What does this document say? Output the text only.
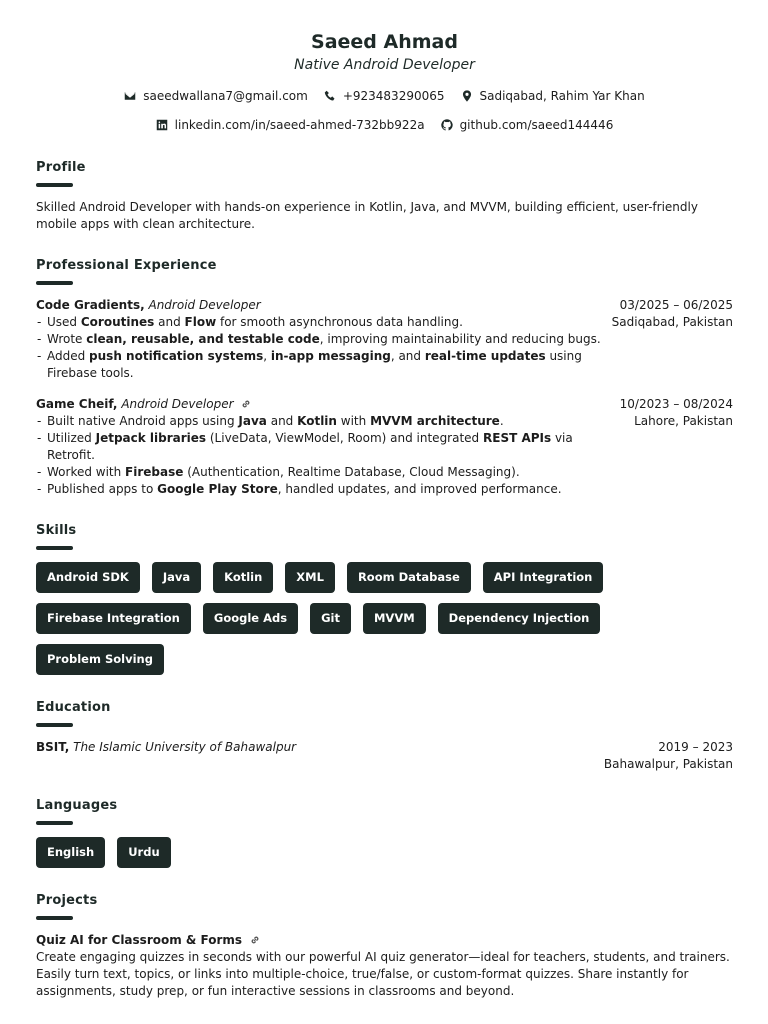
Saeed Ahmad
Native Android Developer
saeedwallana7@gmail.com	+923483290065	Sadiqabad, Rahim Yar Khan
linkedin.com/in/saeed-ahmed-732bb922a	github.com/saeed144446
Profile

Skilled Android Developer with hands-on experience in Kotlin, Java, and MVVM, building efficient, user-friendly mobile apps with clean architecture.

Professional Experience
Code Gradients, Android Developer
- Used Coroutines and Flow for smooth asynchronous data handling.
- Wrote clean, reusable, and testable code, improving maintainability and reducing bugs.
- Added push notification systems, in-app messaging, and real-time updates using Firebase tools.
03/2025 – 06/2025
Sadiqabad, Pakistan
Game Cheif, Android Developer
- Built native Android apps using Java and Kotlin with MVVM architecture.
- Utilized Jetpack libraries (LiveData, ViewModel, Room) and integrated REST APIs via Retrofit.
- Worked with Firebase (Authentication, Realtime Database, Cloud Messaging).
- Published apps to Google Play Store, handled updates, and improved performance.
10/2023 – 08/2024
Lahore, Pakistan
Skills
Android SDK	Java	Kotlin	XML	Room Database	API Integration
Firebase Integration	Google Ads	Git	MVVM	Dependency Injection
Problem Solving
Education
BSIT, The Islamic University of Bahawalpur	2019 – 2023
Bahawalpur, Pakistan
Languages
English	Urdu
Projects
Quiz AI for Classroom & Forms

Create engaging quizzes in seconds with our powerful AI quiz generator—ideal for teachers, students, and trainers. Easily turn text, topics, or links into multiple-choice, true/false, or custom-format quizzes. Share instantly for assignments, study prep, or fun interactive sessions in classrooms and beyond.
